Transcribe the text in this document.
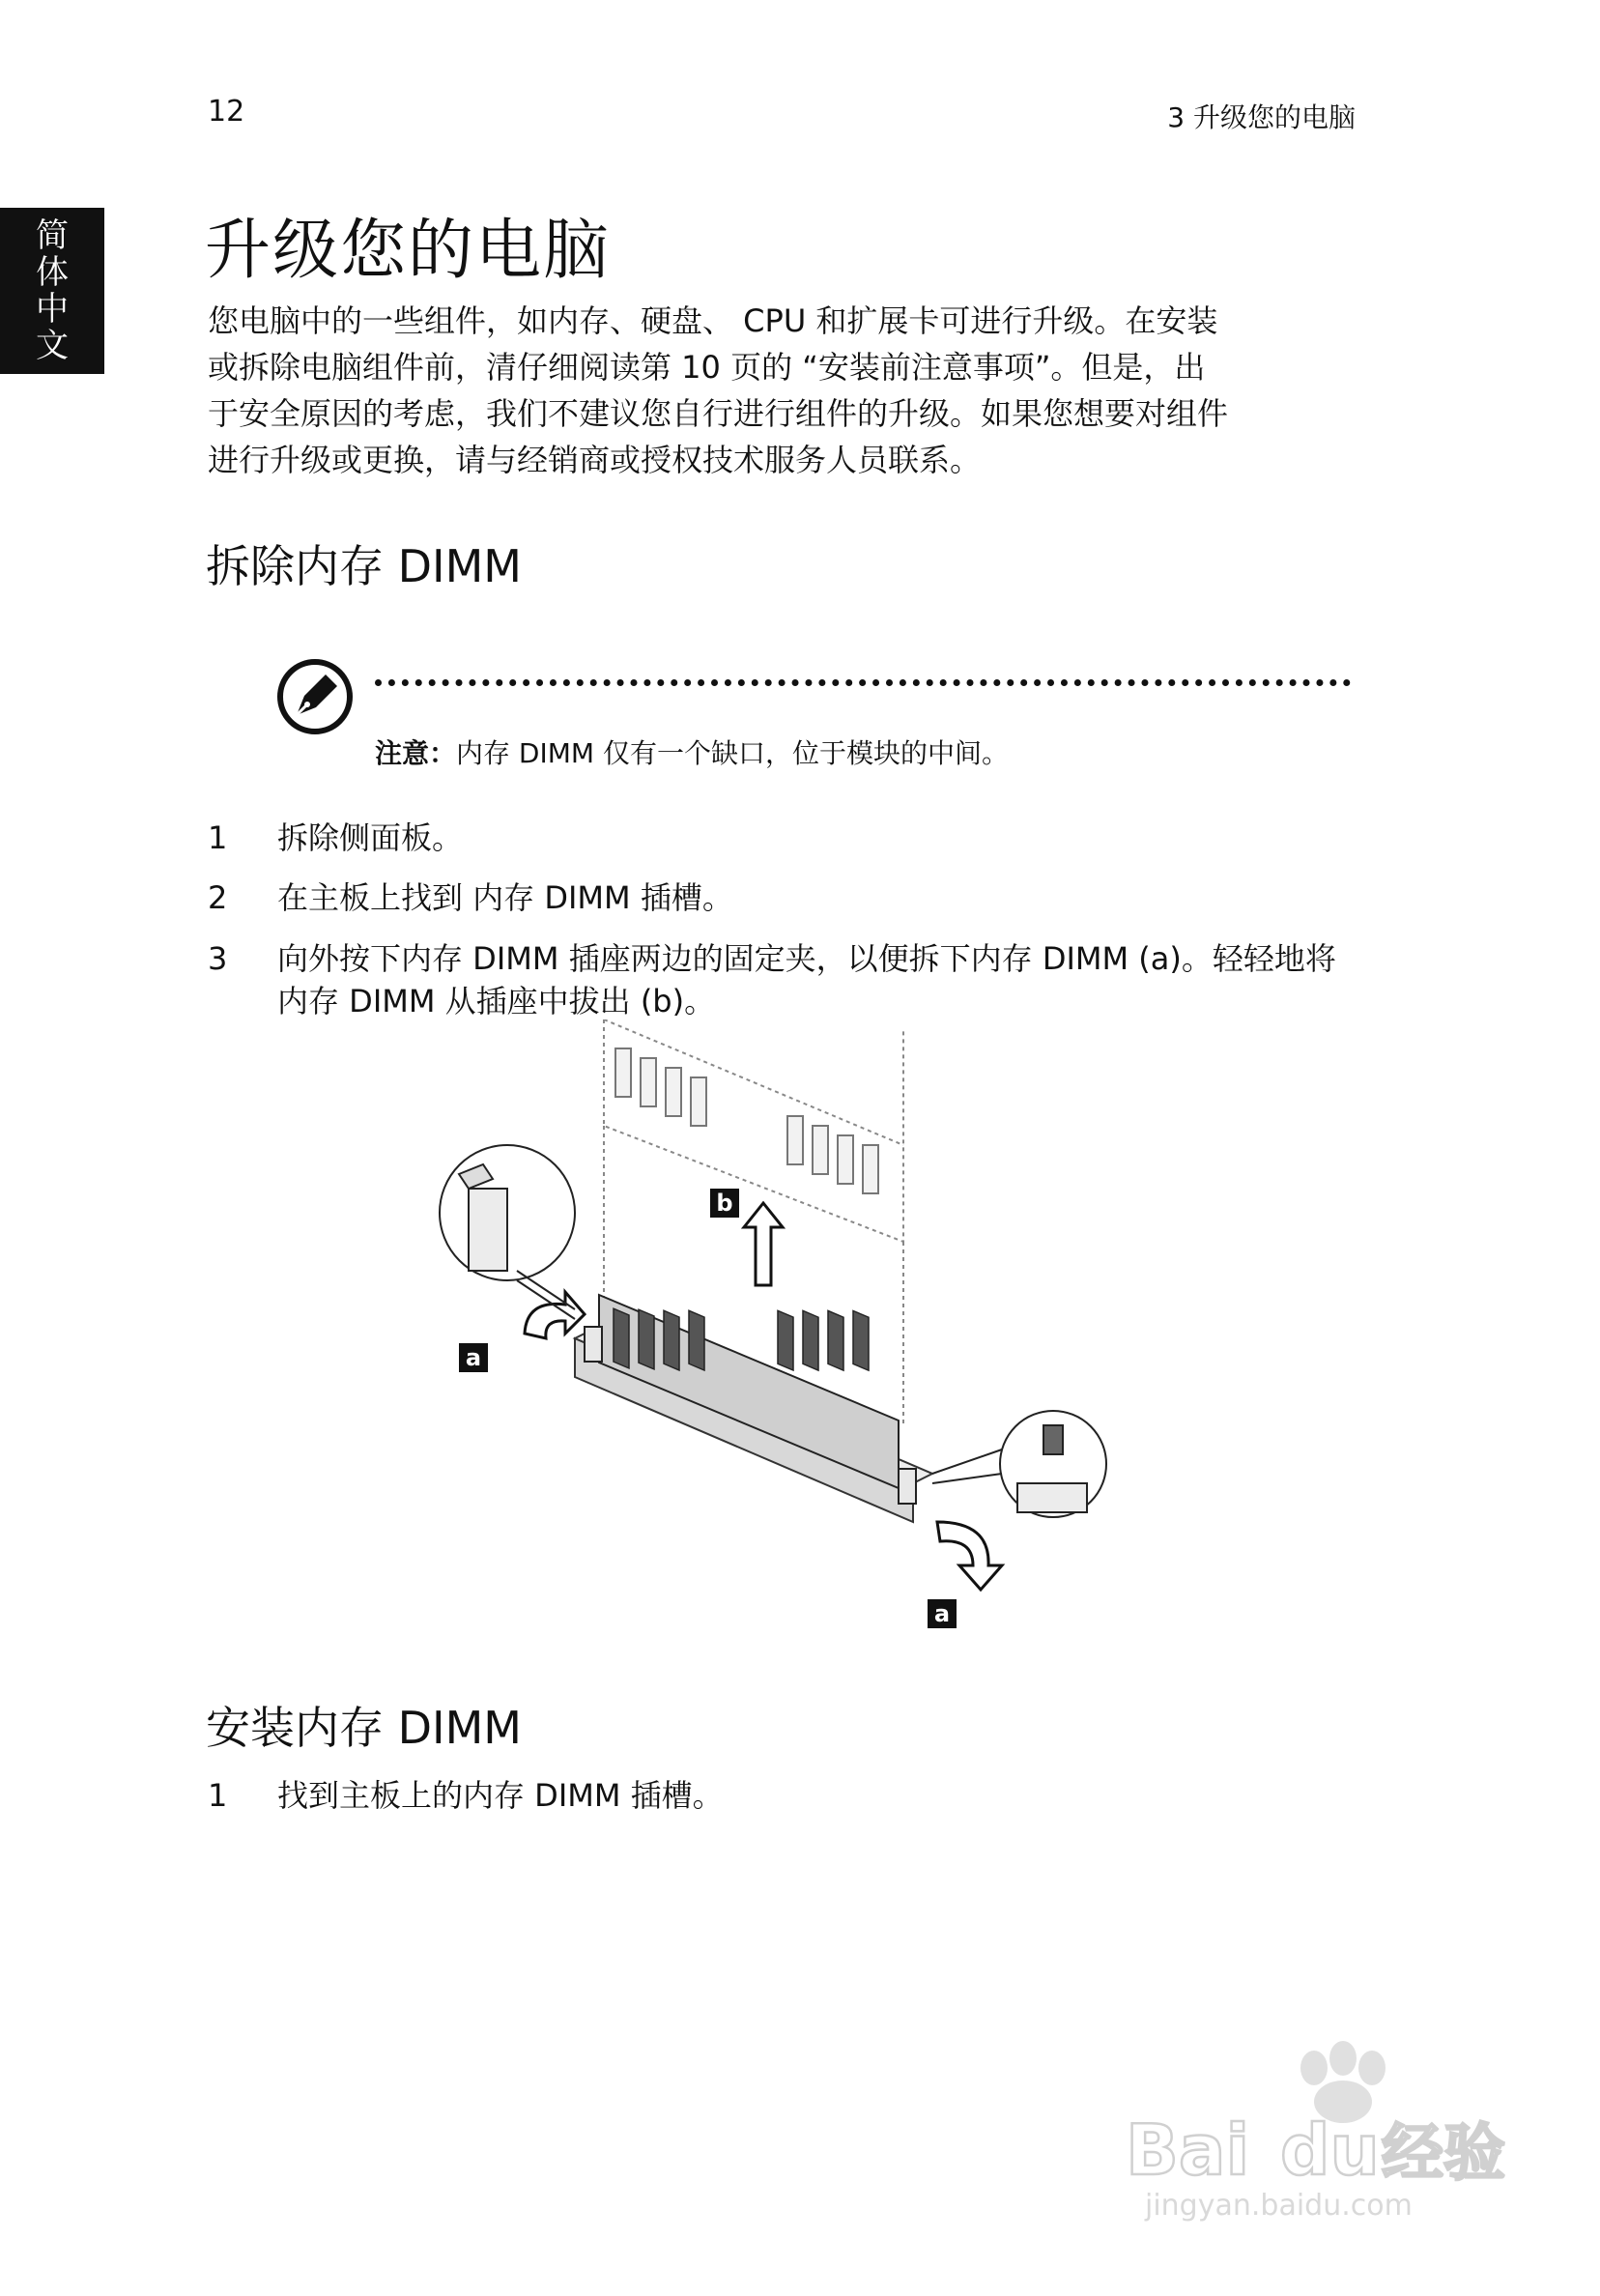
12	3 升级您的电脑
简
体
中
文
升级您的电脑

您电脑中的一些组件，如内存、硬盘、 CPU 和扩展卡可进行升级。在安装

或拆除电脑组件前，清仔细阅读第 10 页的 “安装前注意事项”。但是，出

于安全原因的考虑，我们不建议您自行进行组件的升级。如果您想要对组件

进行升级或更换，请与经销商或授权技术服务人员联系。

拆除内存 DIMM
注意：内存 DIMM 仅有一个缺口，位于模块的中间。
1 拆除侧面板。
2 在主板上找到 内存 DIMM 插槽。
3 向外按下内存 DIMM 插座两边的固定夹，以便拆下内存 DIMM (a)。轻轻地将内存 DIMM 从插座中拔出 (b)。
a
b
a
安装内存 DIMM
1 找到主板上的内存 DIMM 插槽。
Bai du 经验
jingyan.baidu.com
